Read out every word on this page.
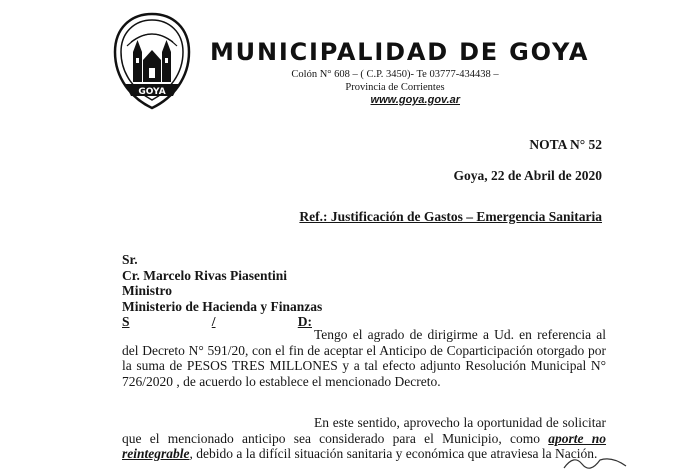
GOYA
MUNICIPALIDAD DE GOYA
Colón N° 608 – ( C.P. 3450)- Te 03777-434438 –
Provincia de Corrientes
www.goya.gov.ar
NOTA N° 52
Goya, 22 de Abril de 2020
Ref.: Justificación de Gastos – Emergencia Sanitaria
Sr.
Cr. Marcelo Rivas Piasentini
Ministro
Ministerio de Hacienda y Finanzas
S	/	D:
Tengo el agrado de dirigirme a Ud. en referencia al del Decreto N° 591/20, con el fin de aceptar el Anticipo de Coparticipación otorgado por la suma de PESOS TRES MILLONES y a tal efecto adjunto Resolución Municipal N° 726/2020 , de acuerdo lo establece el mencionado Decreto.
En este sentido, aprovecho la oportunidad de solicitar que el mencionado anticipo sea considerado para el Municipio, como aporte no reintegrable, debido a la difícil situación sanitaria y económica que atraviesa la Nación.
